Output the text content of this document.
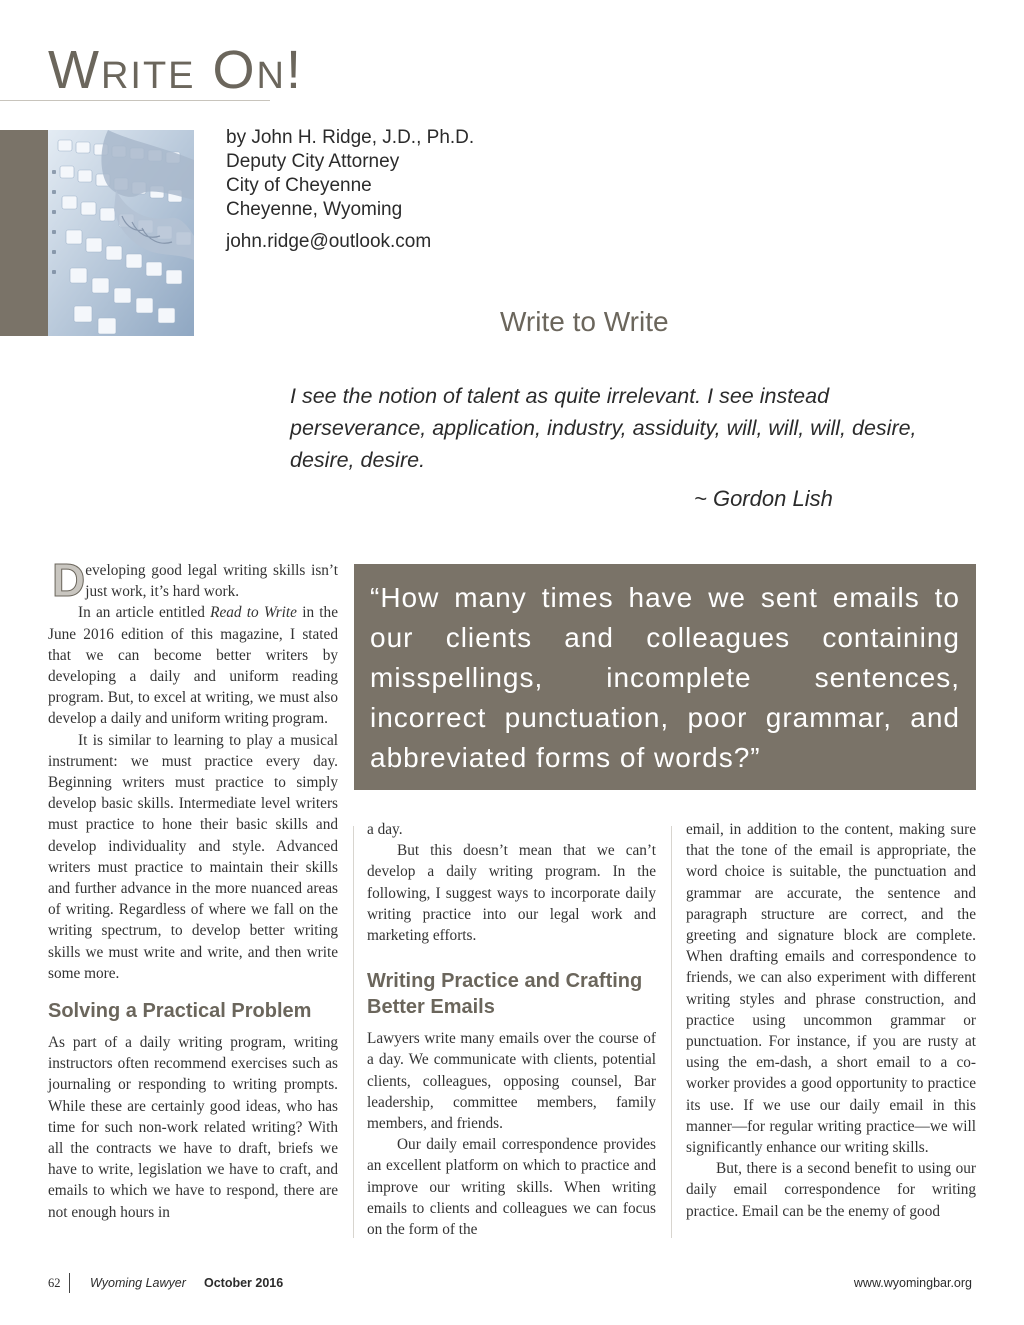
Write On!
by John H. Ridge, J.D., Ph.D.
Deputy City Attorney
City of Cheyenne
Cheyenne, Wyoming
john.ridge@outlook.com
Write to Write

I see the notion of talent as quite irrelevant. I see instead perseverance, application, industry, assiduity, will, will, will, desire, desire, desire.

~ Gordon Lish

Developing good legal writing skills isn’t just work, it’s hard work.

In an article entitled Read to Write in the June 2016 edition of this magazine, I stated that we can become better writers by developing a daily and uniform reading program. But, to excel at writing, we must also develop a daily and uniform writing program.

It is similar to learning to play a musical instrument: we must practice every day. Beginning writers must practice to simply develop basic skills. Intermediate level writers must practice to hone their basic skills and develop individuality and style. Advanced writers must practice to maintain their skills and further advance in the more nuanced areas of writing. Regardless of where we fall on the writing spectrum, to develop better writing skills we must write and write, and then write some more.

Solving a Practical Problem

As part of a daily writing program, writing instructors often recommend exercises such as journaling or responding to writing prompts. While these are certainly good ideas, who has time for such non-work related writing? With all the contracts we have to draft, briefs we have to write, legislation we have to craft, and emails to which we have to respond, there are not enough hours in

“How many times have we sent emails to our clients and colleagues containing misspellings, incomplete sentences, incorrect punctuation, poor grammar, and abbreviated forms of words?”

a day.

But this doesn’t mean that we can’t develop a daily writing program. In the following, I suggest ways to incorporate daily writing practice into our legal work and marketing efforts.

Writing Practice and Crafting Better Emails

Lawyers write many emails over the course of a day. We communicate with clients, potential clients, colleagues, opposing counsel, Bar leadership, committee members, family members, and friends.

Our daily email correspondence provides an excellent platform on which to practice and improve our writing skills. When writing emails to clients and colleagues we can focus on the form of the

email, in addition to the content, making sure that the tone of the email is appropriate, the word choice is suitable, the punctuation and grammar are accurate, the sentence and paragraph structure are correct, and the greeting and signature block are complete. When drafting emails and correspondence to friends, we can also experiment with different writing styles and phrase construction, and practice using uncommon grammar or punctuation. For instance, if you are rusty at using the em-dash, a short email to a co-worker provides a good opportunity to practice its use. If we use our daily email in this manner—for regular writing practice—we will significantly enhance our writing skills.

But, there is a second benefit to using our daily email correspondence for writing practice. Email can be the enemy of good

62 Wyoming Lawyer October 2016	www.wyomingbar.org
